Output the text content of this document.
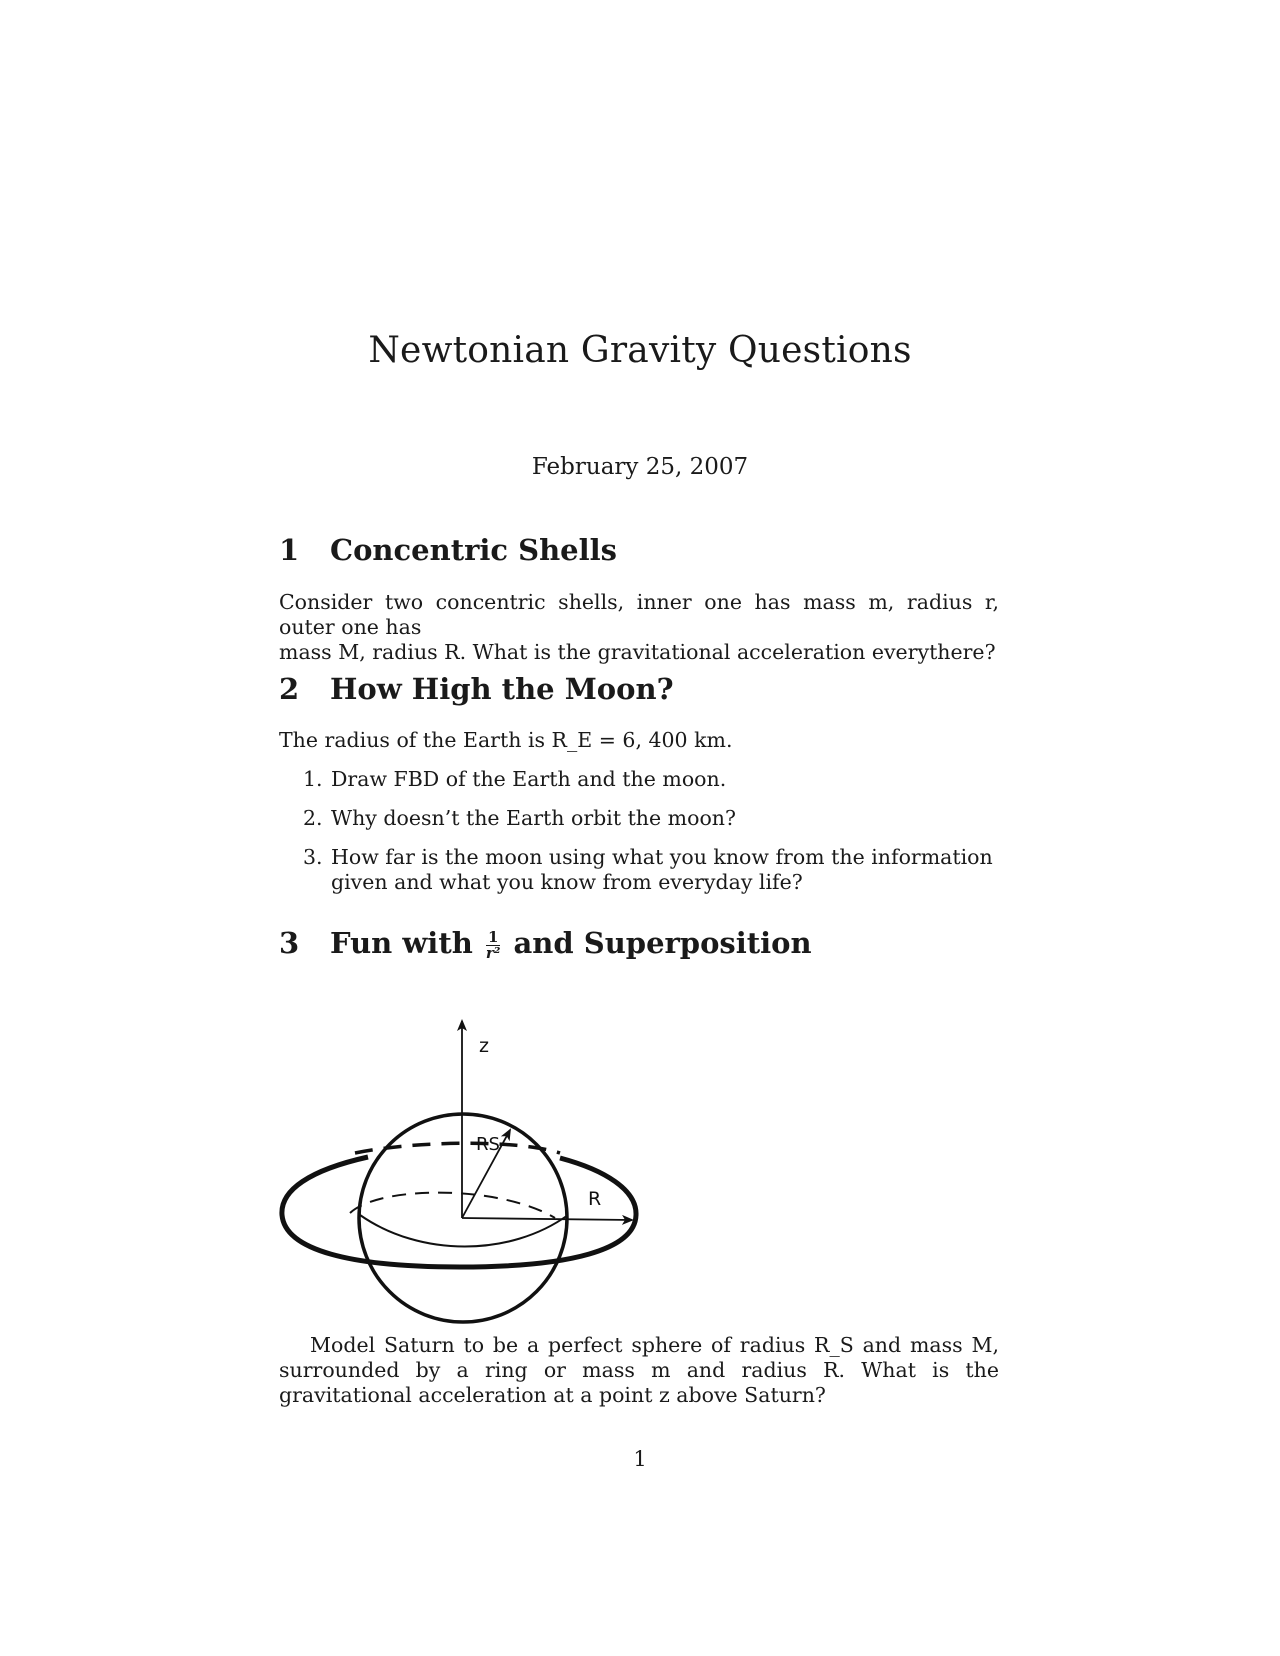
Newtonian Gravity Questions
February 25, 2007
1 Concentric Shells

Consider two concentric shells, inner one has mass m, radius r, outer one has

mass M, radius R. What is the gravitational acceleration everythere?

2 How High the Moon?
The radius of the Earth is R_E = 6, 400 km.
1. Draw FBD of the Earth and the moon.
2. Why doesn’t the Earth orbit the moon?
3. How far is the moon using what you know from the information given and what you know from everyday life?
3 Fun with $\frac{1}{\text{r²}}$ and Superposition
z
RS
R

Model Saturn to be a perfect sphere of radius R_S and mass M, surrounded by a ring or mass m and radius R. What is the gravitational acceleration at a point z above Saturn?

1
